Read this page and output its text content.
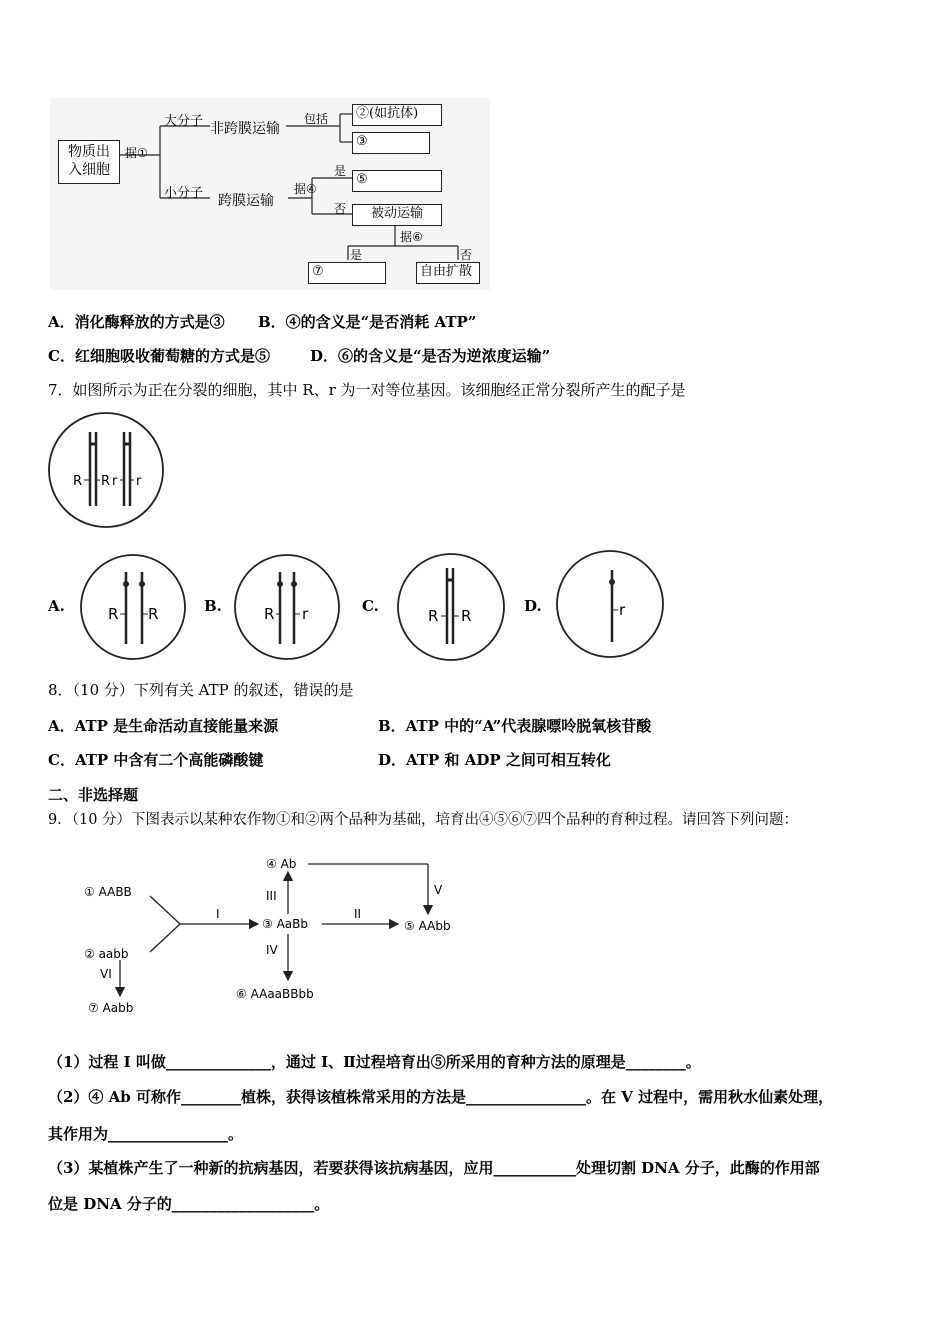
物质出
入细胞
据①
大分子 非跨膜运输
包括	②(如抗体)
③
小分子 跨膜运输
据④
是
⑤
否	被动运输
据⑥
是	否
⑦	自由扩散
A．消化酶释放的方式是③ B．④的含义是“是否消耗 ATP”
C．红细胞吸收葡萄糖的方式是⑤	D．⑥的含义是“是否为逆浓度运输”
7．如图所示为正在分裂的细胞，其中 R、r 为一对等位基因。该细胞经正常分裂所产生的配子是
R R r r
A.	R R	B.	R r	C.
R R
D.	r
8．（10 分）下列有关 ATP 的叙述，错误的是
A．ATP 是生命活动直接能量来源	B．ATP 中的“A”代表腺嘌呤脱氧核苷酸
C．ATP 中含有二个高能磷酸键	D．ATP 和 ADP 之间可相互转化
二、非选择题
9．（10 分）下图表示以某种农作物①和②两个品种为基础，培育出④⑤⑥⑦四个品种的育种过程。请回答下列问题：
① AABB
② aabb
③ AaBb
④ Ab
⑤ AAbb
⑥ AAaaBBbb
⑦ Aabb
I	II
III
IV
V
VI
（1）过程 I 叫做______________，通过 I、Ⅱ过程培育出⑤所采用的育种方法的原理是________。
（2）④ Ab 可称作________植株，获得该植株常采用的方法是________________。在 V 过程中，需用秋水仙素处理，
其作用为________________。
（3）某植株产生了一种新的抗病基因，若要获得该抗病基因，应用___________处理切割 DNA 分子，此酶的作用部
位是 DNA 分子的___________________。
